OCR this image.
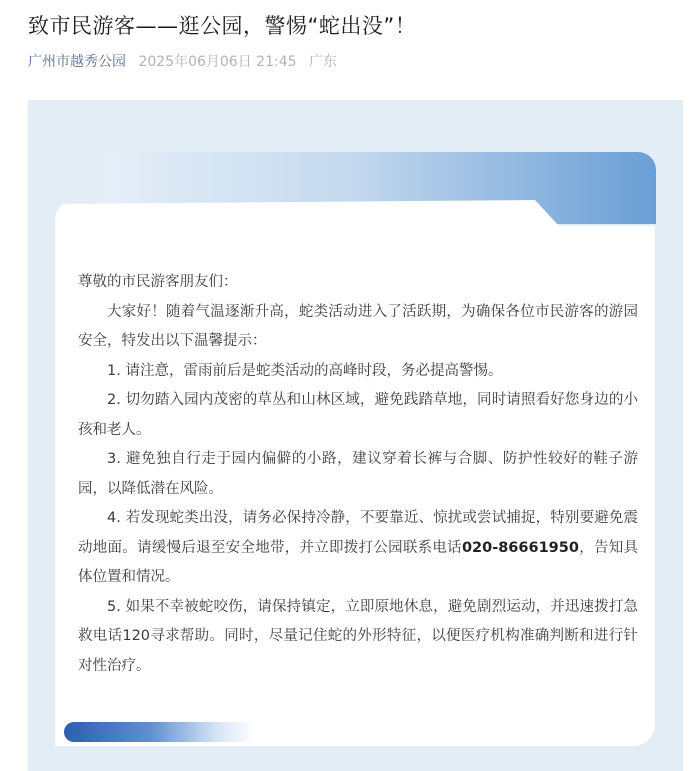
致市民游客——逛公园，警惕“蛇出没”！
广州市越秀公园 2025年06月06日 21:45 广东

尊敬的市民游客朋友们：

大家好！随着气温逐渐升高，蛇类活动进入了活跃期，为确保各位市民游客的游园安全，特发出以下温馨提示：

1. 请注意，雷雨前后是蛇类活动的高峰时段，务必提高警惕。

2. 切勿踏入园内茂密的草丛和山林区域，避免践踏草地，同时请照看好您身边的小孩和老人。

3. 避免独自行走于园内偏僻的小路，建议穿着长裤与合脚、防护性较好的鞋子游园，以降低潜在风险。

4. 若发现蛇类出没，请务必保持冷静，不要靠近、惊扰或尝试捕捉，特别要避免震动地面。请缓慢后退至安全地带，并立即拨打公园联系电话020-86661950，告知具体位置和情况。

5. 如果不幸被蛇咬伤，请保持镇定，立即原地休息，避免剧烈运动，并迅速拨打急救电话120寻求帮助。同时，尽量记住蛇的外形特征，以便医疗机构准确判断和进行针对性治疗。
